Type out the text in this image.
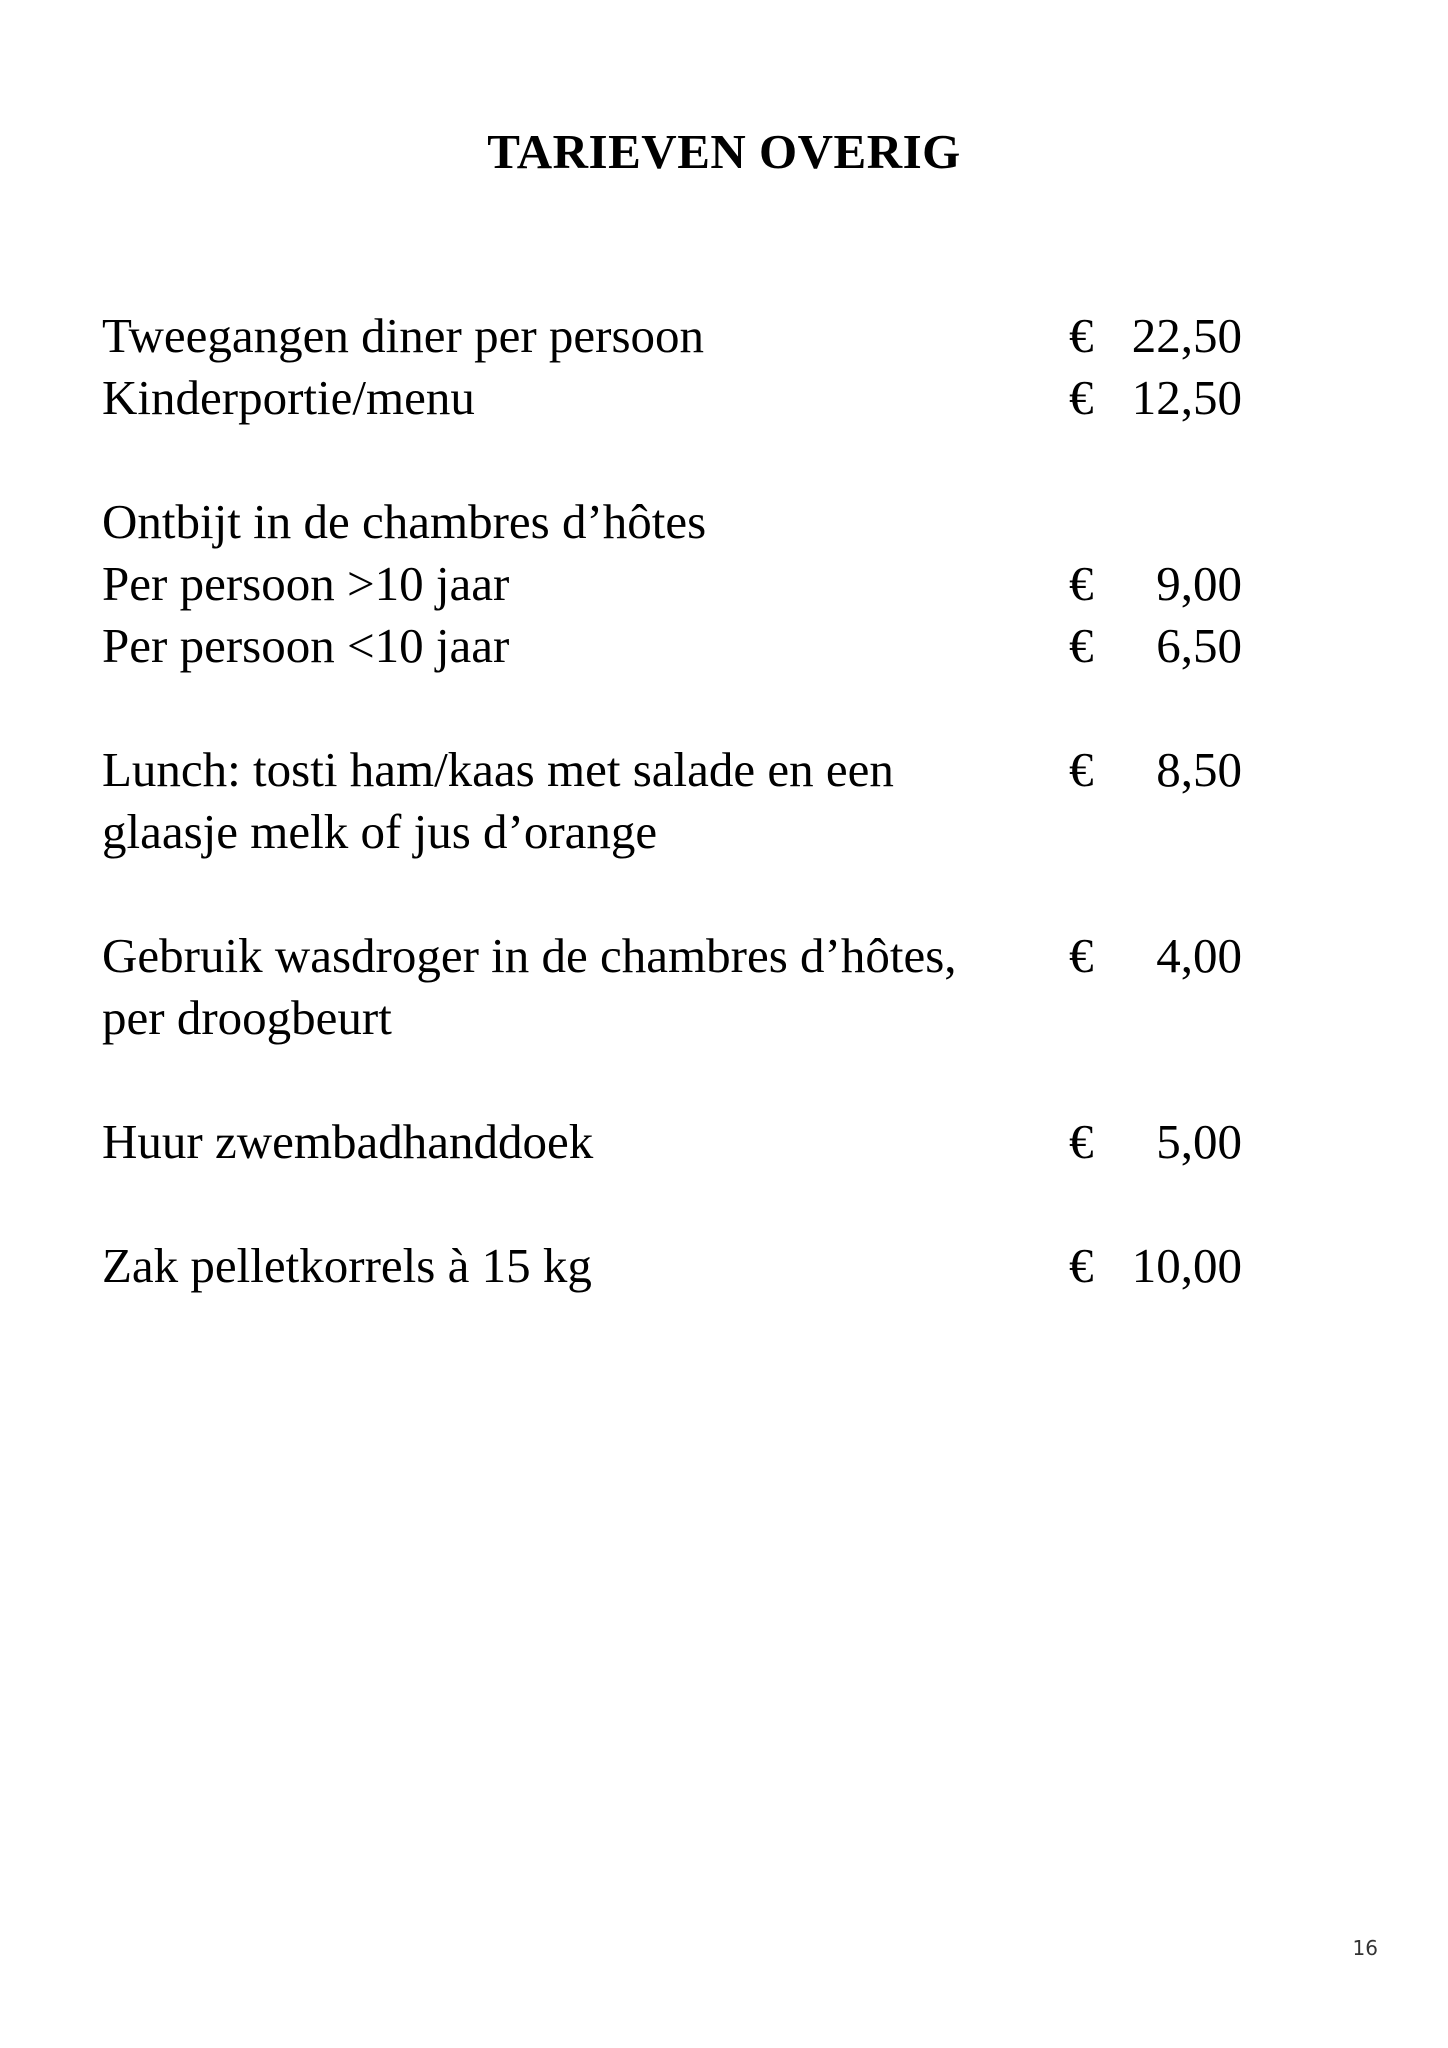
TARIEVEN OVERIG
Tweegangen diner per persoon	€ 22,50
Kinderportie/menu	€ 12,50
Ontbijt in de chambres d’hôtes
Per persoon >10 jaar	€ 9,00
Per persoon <10 jaar	€ 6,50
Lunch: tosti ham/kaas met salade en een	€ 8,50
glaasje melk of jus d’orange
Gebruik wasdroger in de chambres d’hôtes, € 4,00
per droogbeurt
Huur zwembadhanddoek	€ 5,00
Zak pelletkorrels à 15 kg	€ 10,00
16
